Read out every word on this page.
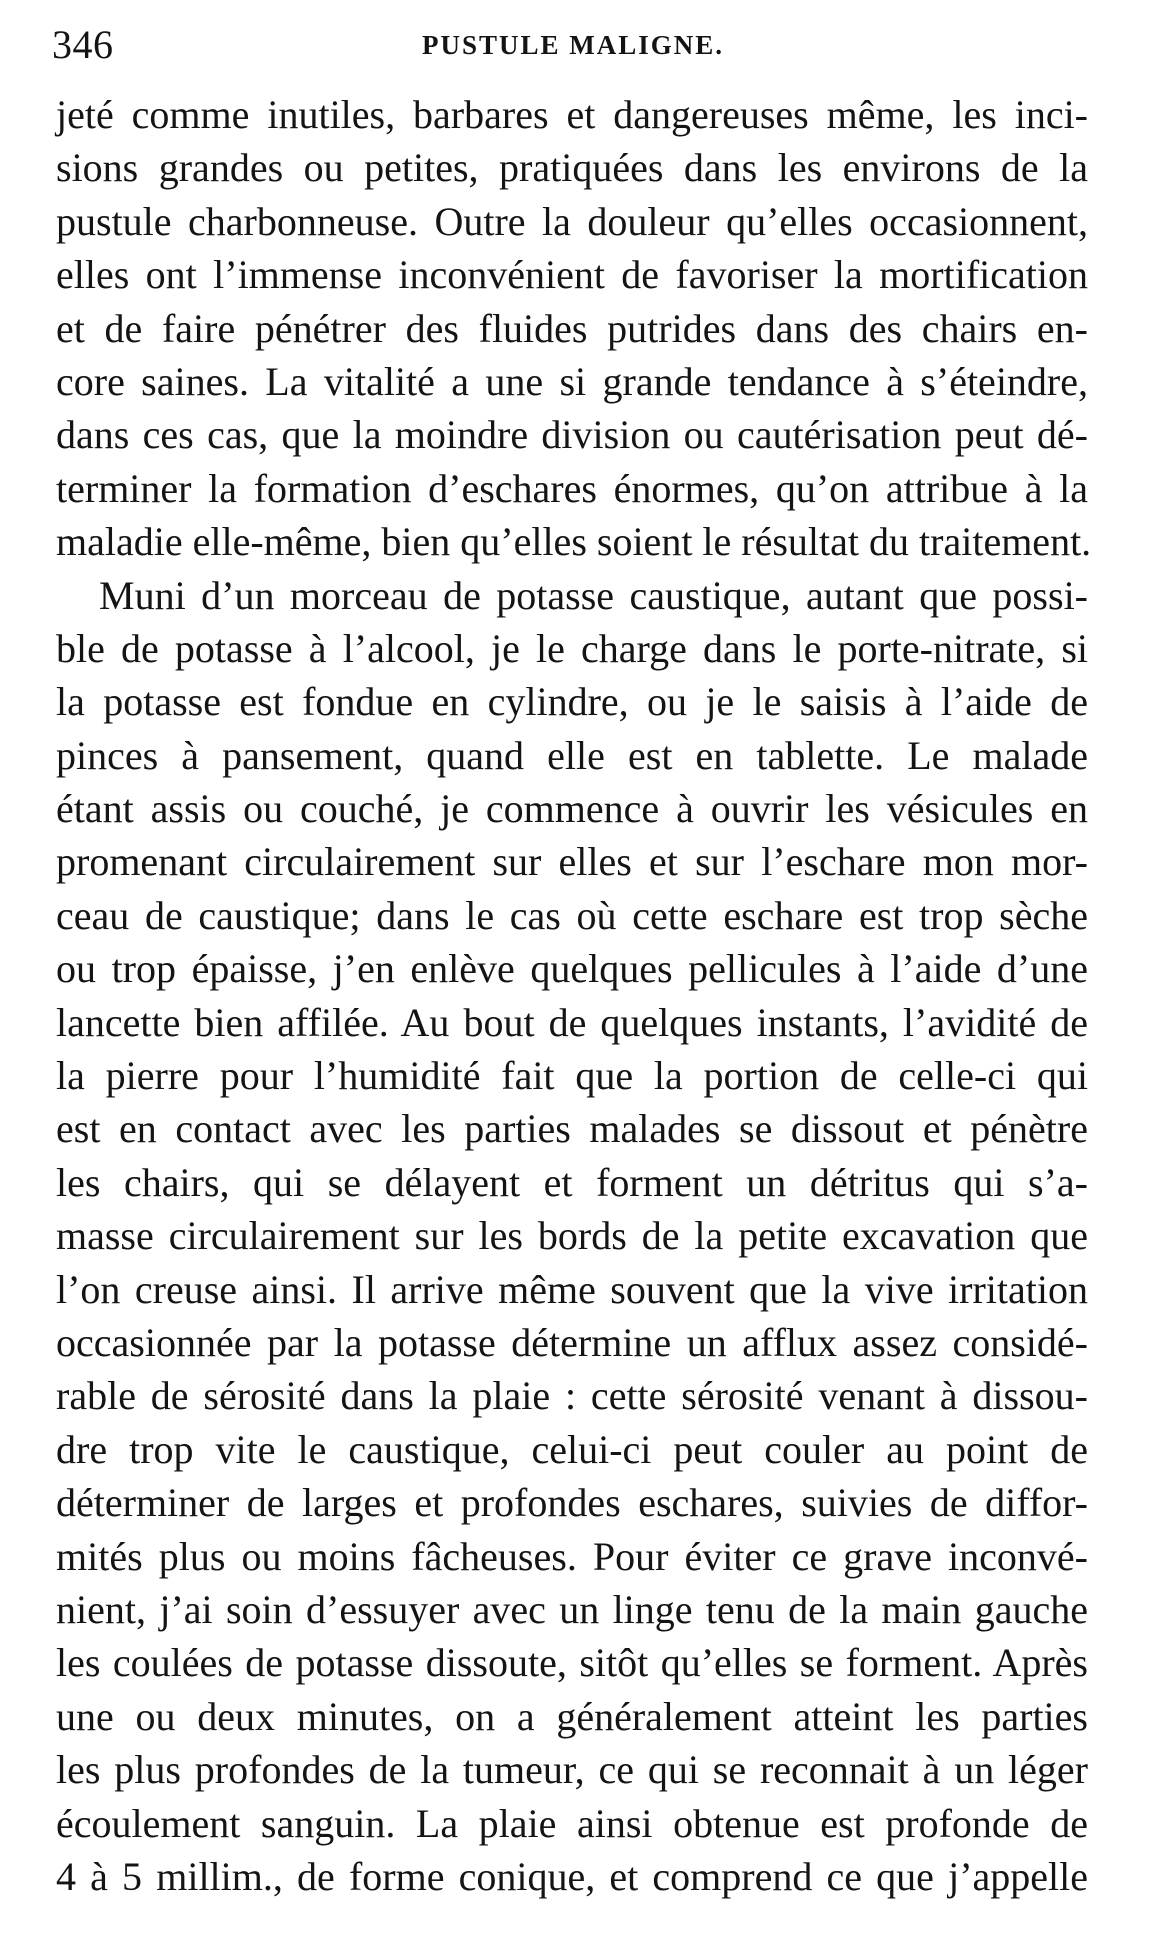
346	PUSTULE MALIGNE.
jeté comme inutiles, barbares et dangereuses même, les inci-
sions grandes ou petites, pratiquées dans les environs de la
pustule charbonneuse. Outre la douleur qu’elles occasionnent,
elles ont l’immense inconvénient de favoriser la mortification
et de faire pénétrer des fluides putrides dans des chairs en-
core saines. La vitalité a une si grande tendance à s’éteindre,
dans ces cas, que la moindre division ou cautérisation peut dé-
terminer la formation d’eschares énormes, qu’on attribue à la
maladie elle-même, bien qu’elles soient le résultat du traitement.
Muni d’un morceau de potasse caustique, autant que possi-
ble de potasse à l’alcool, je le charge dans le porte-nitrate, si
la potasse est fondue en cylindre, ou je le saisis à l’aide de
pinces à pansement, quand elle est en tablette. Le malade
étant assis ou couché, je commence à ouvrir les vésicules en
promenant circulairement sur elles et sur l’eschare mon mor-
ceau de caustique; dans le cas où cette eschare est trop sèche
ou trop épaisse, j’en enlève quelques pellicules à l’aide d’une
lancette bien affilée. Au bout de quelques instants, l’avidité de
la pierre pour l’humidité fait que la portion de celle-ci qui
est en contact avec les parties malades se dissout et pénètre
les chairs, qui se délayent et forment un détritus qui s’a-
masse circulairement sur les bords de la petite excavation que
l’on creuse ainsi. Il arrive même souvent que la vive irritation
occasionnée par la potasse détermine un afflux assez considé-
rable de sérosité dans la plaie : cette sérosité venant à dissou-
dre trop vite le caustique, celui-ci peut couler au point de
déterminer de larges et profondes eschares, suivies de diffor-
mités plus ou moins fâcheuses. Pour éviter ce grave inconvé-
nient, j’ai soin d’essuyer avec un linge tenu de la main gauche
les coulées de potasse dissoute, sitôt qu’elles se forment. Après
une ou deux minutes, on a généralement atteint les parties
les plus profondes de la tumeur, ce qui se reconnait à un léger
écoulement sanguin. La plaie ainsi obtenue est profonde de
4 à 5 millim., de forme conique, et comprend ce que j’appelle
